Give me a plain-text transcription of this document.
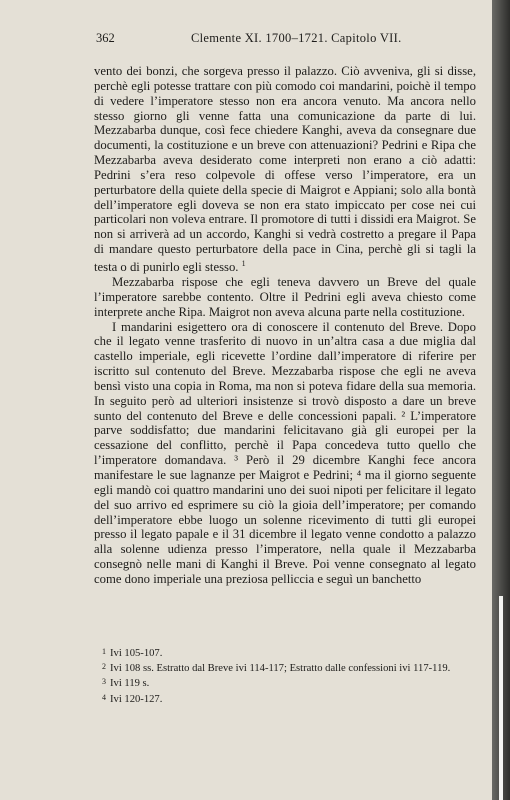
362	Clemente XI. 1700–1721. Capitolo VII.

vento dei bonzi, che sorgeva presso il palazzo. Ciò avveniva, gli si disse, perchè egli potesse trattare con più comodo coi mandarini, poichè il tempo di vedere l’imperatore stesso non era ancora venuto. Ma ancora nello stesso giorno gli venne fatta una comunicazione da parte di lui. Mezzabarba dunque, così fece chiedere Kanghi, aveva da consegnare due documenti, la costituzione e un breve con attenuazioni? Pedrini e Ripa che Mezzabarba aveva desiderato come interpreti non erano a ciò adatti: Pedrini s’era reso colpevole di offese verso l’imperatore, era un perturbatore della quiete della specie di Maigrot e Appiani; solo alla bontà dell’imperatore egli doveva se non era stato impiccato per cose nei cui particolari non voleva entrare. Il promotore di tutti i dissidi era Maigrot. Se non si arriverà ad un accordo, Kanghi si vedrà costretto a pregare il Papa di mandare questo perturbatore della pace in Cina, perchè gli si tagli la testa o di punirlo egli stesso. $^1$

Mezzabarba rispose che egli teneva davvero un Breve del quale l’imperatore sarebbe contento. Oltre il Pedrini egli aveva chiesto come interprete anche Ripa. Maigrot non aveva alcuna parte nella costituzione.

I mandarini esigettero ora di conoscere il contenuto del Breve. Dopo che il legato venne trasferito di nuovo in un’altra casa a due miglia dal castello imperiale, egli ricevette l’ordine dall’imperatore di riferire per iscritto sul contenuto del Breve. Mezzabarba rispose che egli ne aveva bensì visto una copia in Roma, ma non si poteva fidare della sua memoria. In seguito però ad ulteriori insistenze si trovò disposto a dare un breve sunto del contenuto del Breve e delle concessioni papali. ² L’imperatore parve soddisfatto; due mandarini felicitavano già gli europei per la cessazione del conflitto, perchè il Papa concedeva tutto quello che l’imperatore domandava. ³ Però il 29 dicembre Kanghi fece ancora manifestare le sue lagnanze per Maigrot e Pedrini; ⁴ ma il giorno seguente egli mandò coi quattro mandarini uno dei suoi nipoti per felicitare il legato del suo arrivo ed esprimere su ciò la gioia dell’imperatore; per comando dell’imperatore ebbe luogo un solenne ricevimento di tutti gli europei presso il legato papale e il 31 dicembre il legato venne condotto a palazzo alla solenne udienza presso l’imperatore, nella quale il Mezzabarba consegnò nelle mani di Kanghi il Breve. Poi venne consegnato al legato come dono imperiale una preziosa pelliccia e seguì un banchetto

1 Ivi 105-107.

2 Ivi 108 ss. Estratto dal Breve ivi 114-117; Estratto dalle confessioni ivi 117-119.

3 Ivi 119 s.

4 Ivi 120-127.
